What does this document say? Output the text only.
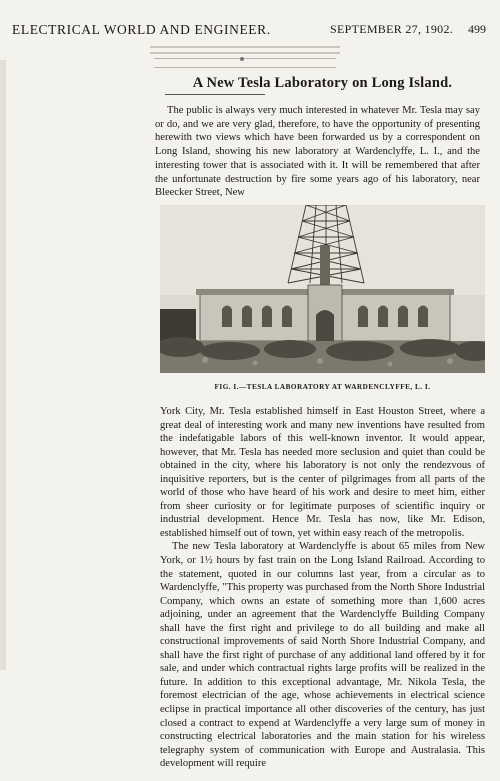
ELECTRICAL WORLD AND ENGINEER.	SEPTEMBER 27, 1902. 499
A New Tesla Laboratory on Long Island.

The public is always very much interested in whatever Mr. Tesla may say or do, and we are very glad, therefore, to have the opportunity of presenting herewith two views which have been forwarded us by a correspondent on Long Island, showing his new laboratory at Wardenclyffe, L. I., and the interesting tower that is associated with it. It will be remembered that after the unfortunate destruction by fire some years ago of his laboratory, near Bleecker Street, New

FIG. I.—TESLA LABORATORY AT WARDENCLYFFE, L. I.

York City, Mr. Tesla established himself in East Houston Street, where a great deal of interesting work and many new inventions have resulted from the indefatigable labors of this well-known inventor. It would appear, however, that Mr. Tesla has needed more seclusion and quiet than could be obtained in the city, where his laboratory is not only the rendezvous of inquisitive reporters, but is the center of pilgrimages from all parts of the world of those who have heard of his work and desire to meet him, either from sheer curiosity or for legitimate purposes of scientific inquiry or industrial development. Hence Mr. Tesla has now, like Mr. Edison, established himself out of town, yet within easy reach of the metropolis.

The new Tesla laboratory at Wardenclyffe is about 65 miles from New York, or 1½ hours by fast train on the Long Island Railroad. According to the statement, quoted in our columns last year, from a circular as to Wardenclyffe, "This property was purchased from the North Shore Industrial Company, which owns an estate of something more than 1,600 acres adjoining, under an agreement that the Wardenclyffe Building Company shall have the first right and privilege to do all building and make all constructional improvements of said North Shore Industrial Company, and shall have the first right of purchase of any additional land offered by it for sale, and under which contractual rights large profits will be realized in the future. In addition to this exceptional advantage, Mr. Nikola Tesla, the foremost electrician of the age, whose achievements in electrical science eclipse in practical importance all other discoveries of the century, has just closed a contract to expend at Wardenclyffe a very large sum of money in constructing electrical laboratories and the main station for his wireless telegraphy system of communication with Europe and Australasia. This development will require
